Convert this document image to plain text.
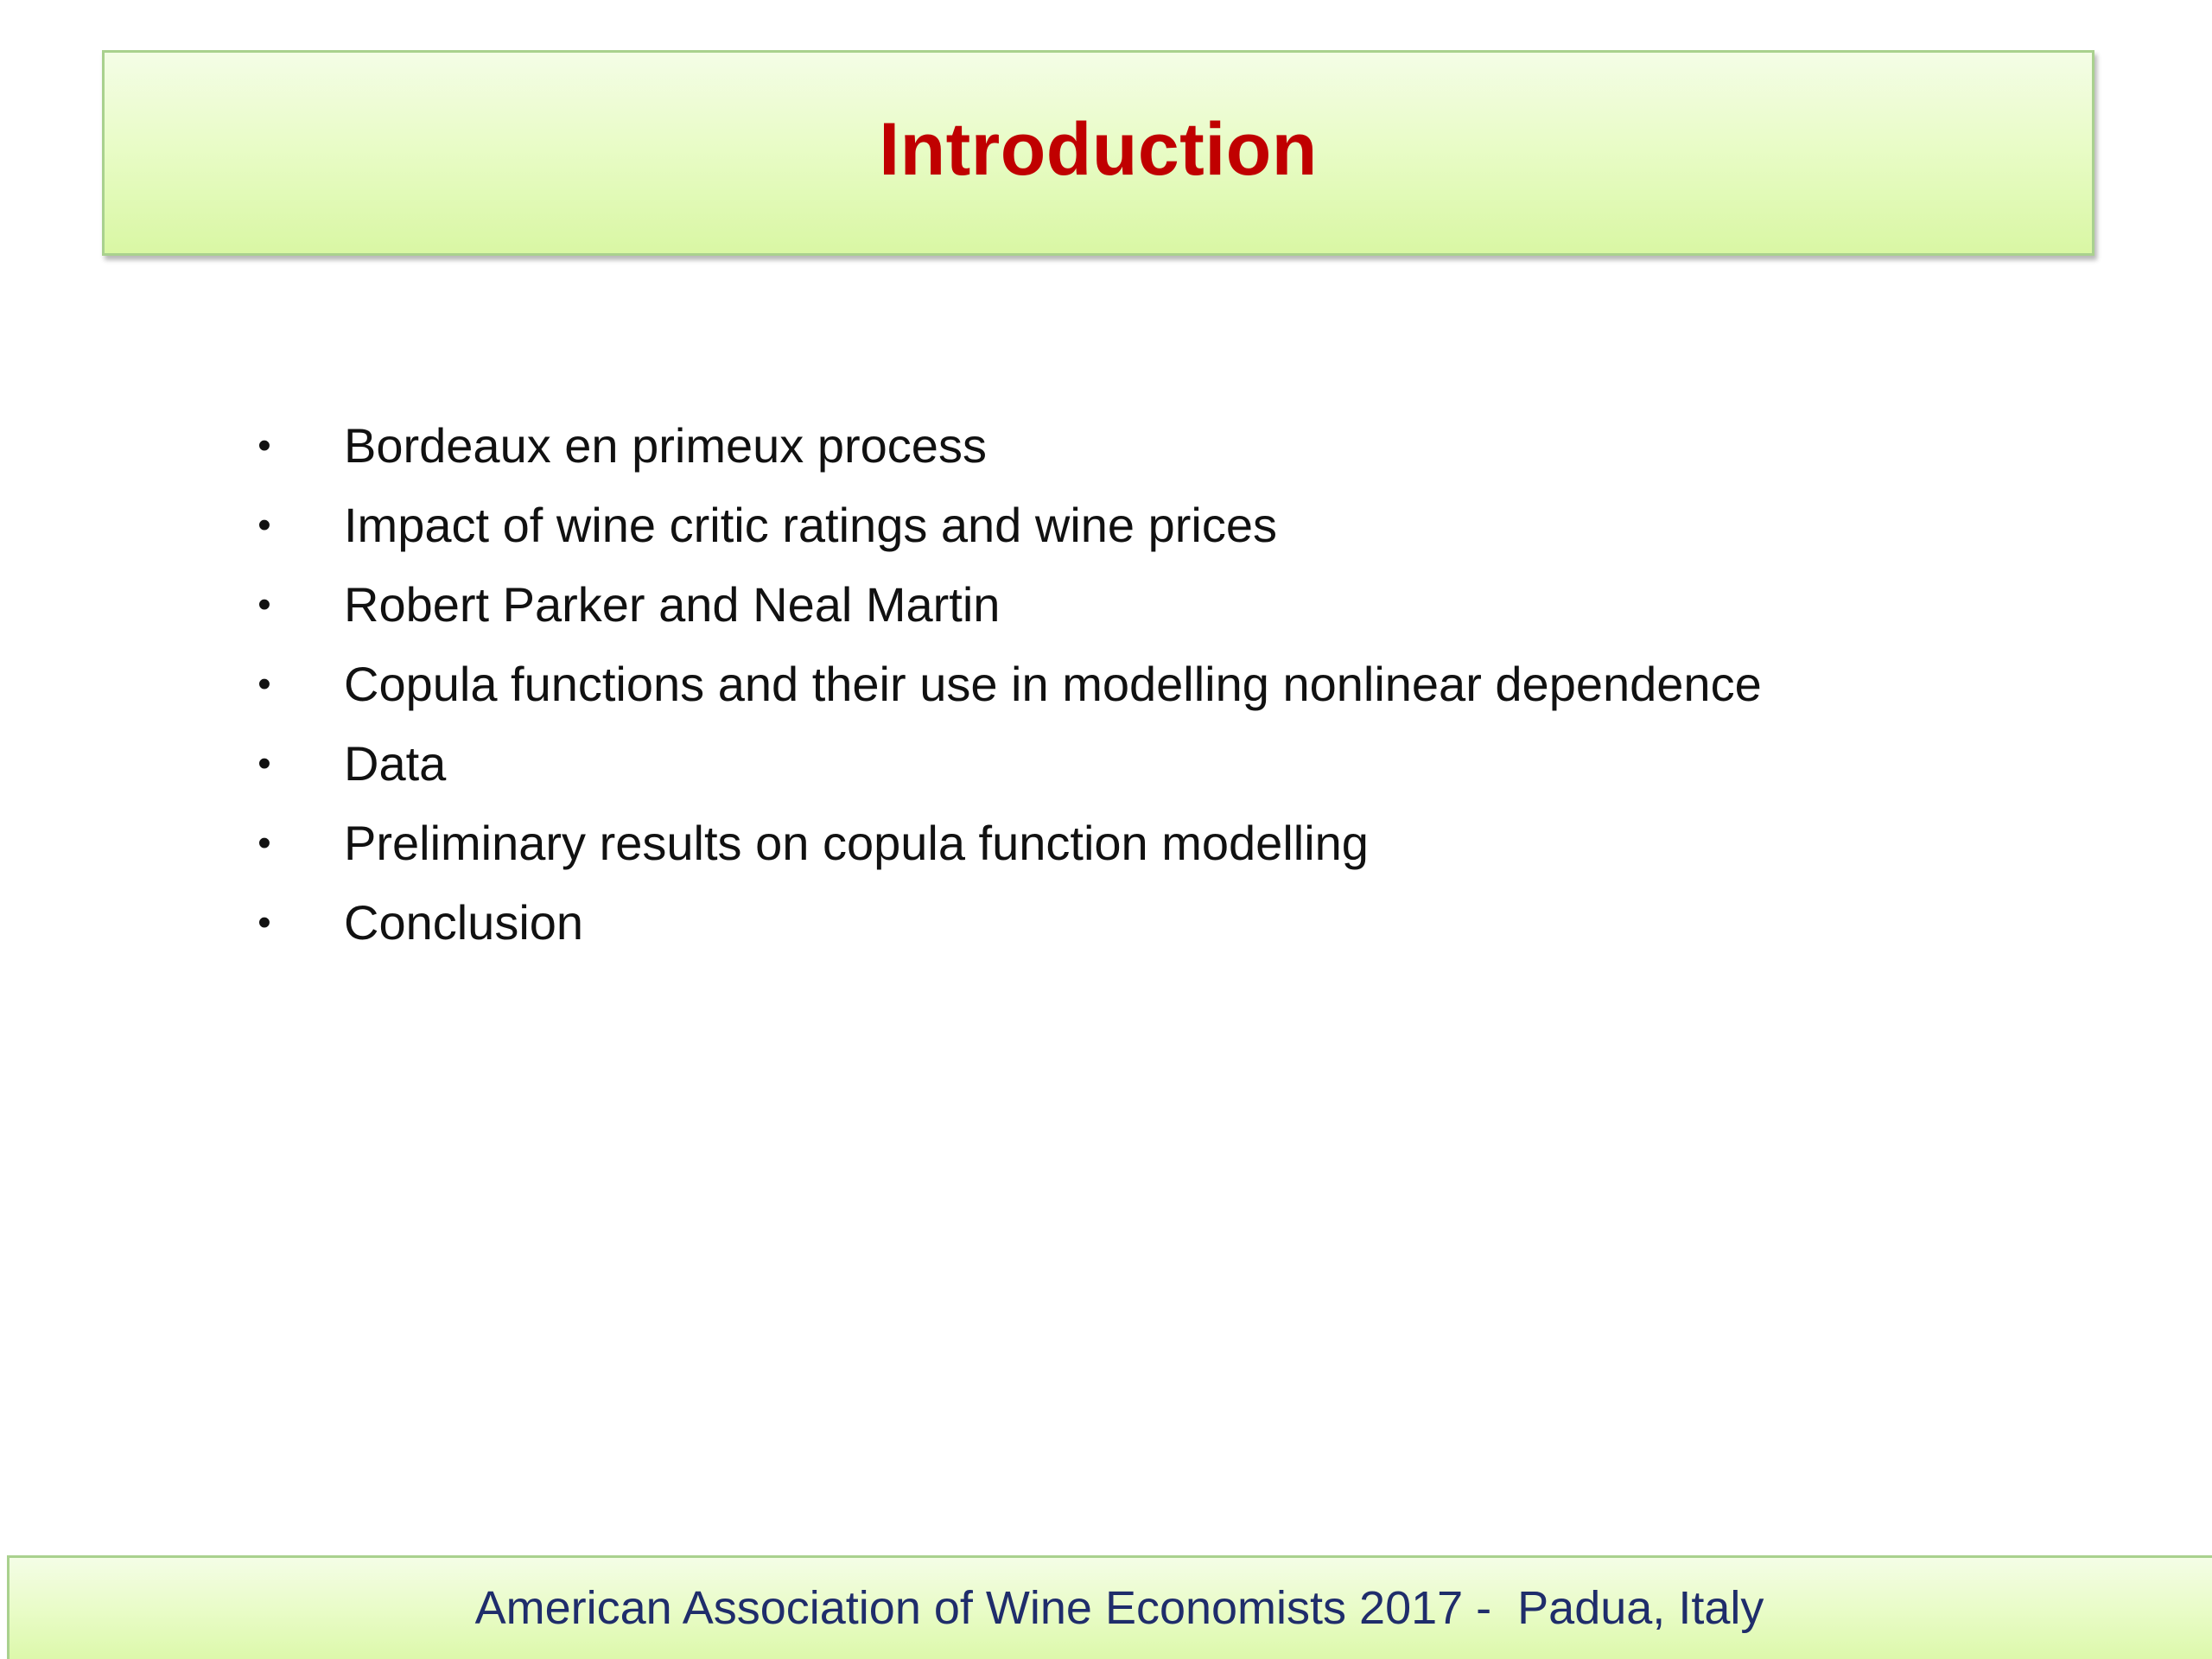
Introduction
• Bordeaux en primeux process
• Impact of wine critic ratings and wine prices
• Robert Parker and Neal Martin
• Copula functions and their use in modelling nonlinear dependence
• Data
• Preliminary results on copula function modelling
• Conclusion
American Association of Wine Economists 2017 -  Padua, Italy
